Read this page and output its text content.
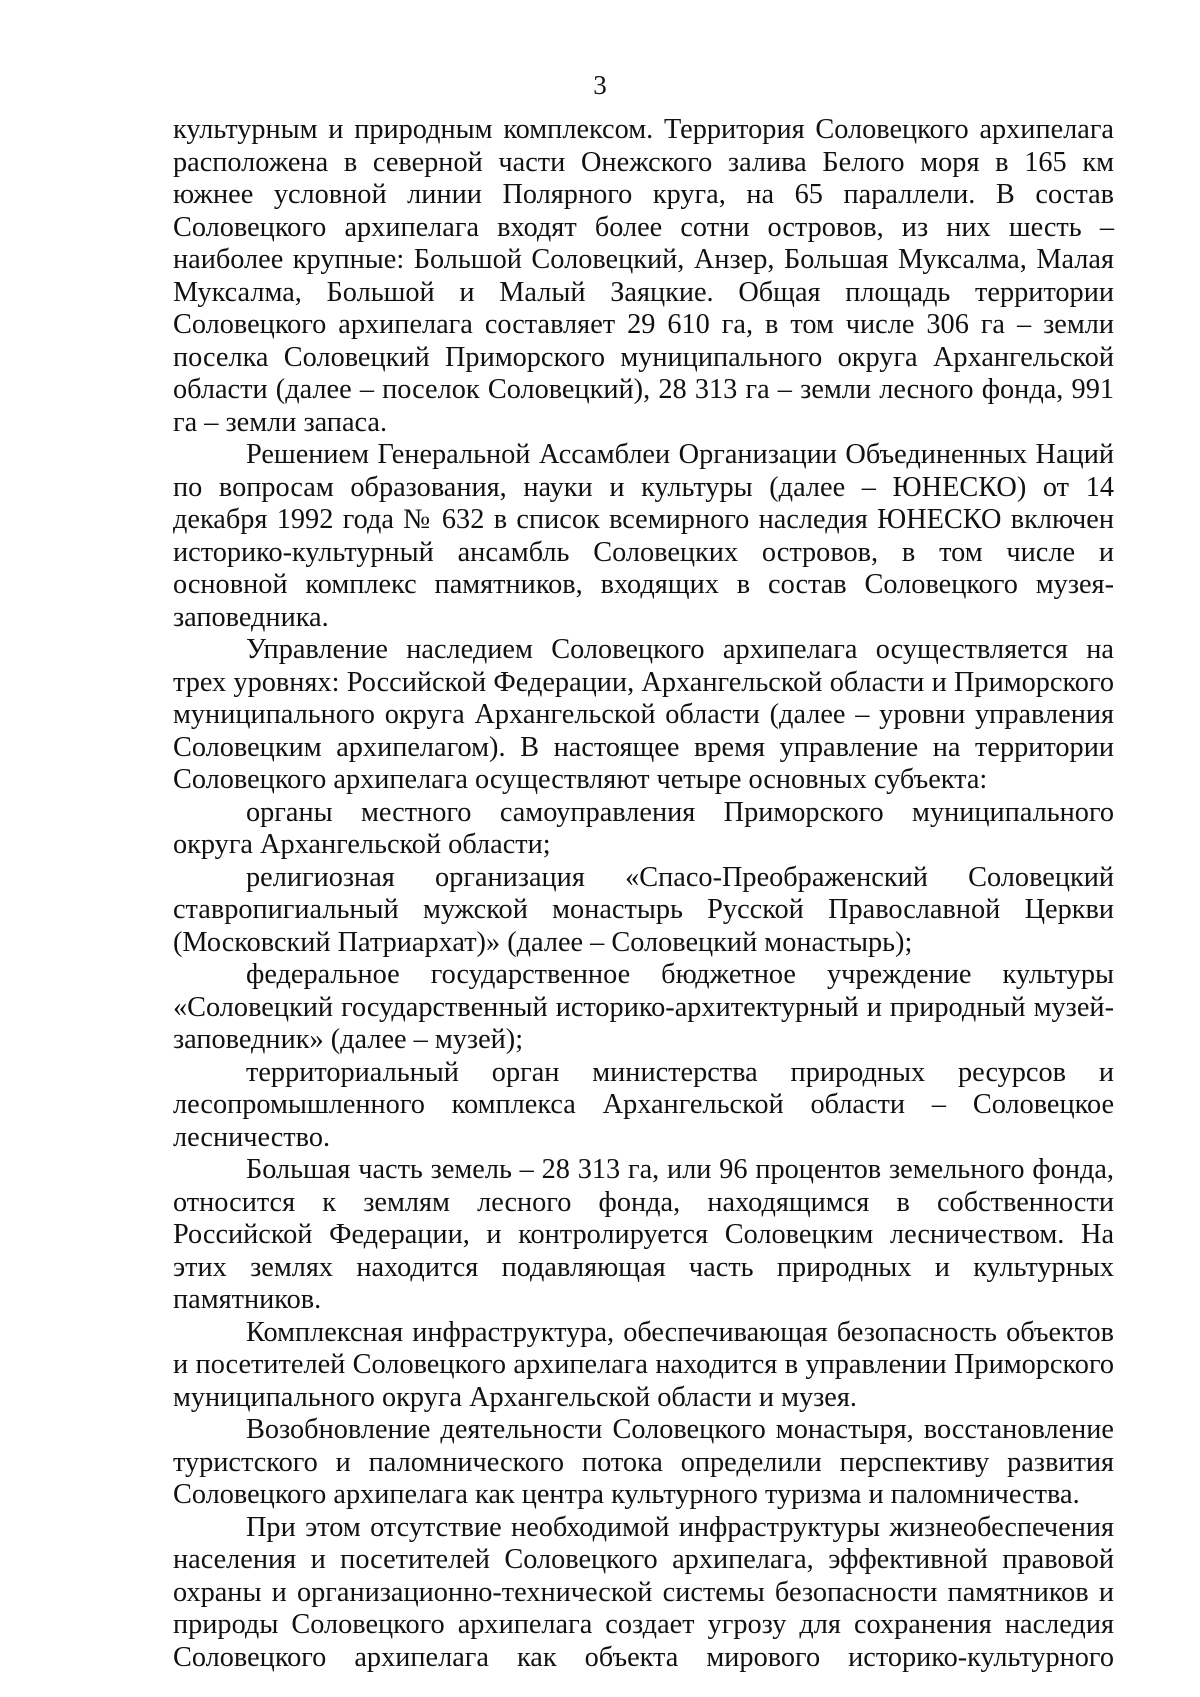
3

культурным и природным комплексом. Территория Соловецкого архипелага расположена в северной части Онежского залива Белого моря в 165 км южнее условной линии Полярного круга, на 65 параллели. В состав Соловецкого архипелага входят более сотни островов, из них шесть – наиболее крупные: Большой Соловецкий, Анзер, Большая Муксалма, Малая Муксалма, Большой и Малый Заяцкие. Общая площадь территории Соловецкого архипелага составляет 29 610 га, в том числе 306 га – земли поселка Соловецкий Приморского муниципального округа Архангельской области (далее – поселок Соловецкий), 28 313 га – земли лесного фонда, 991 га – земли запаса.

Решением Генеральной Ассамблеи Организации Объединенных Наций по вопросам образования, науки и культуры (далее – ЮНЕСКО) от 14 декабря 1992 года № 632 в список всемирного наследия ЮНЕСКО включен историко-культурный ансамбль Соловецких островов, в том числе и основной комплекс памятников, входящих в состав Соловецкого музея-заповедника.

Управление наследием Соловецкого архипелага осуществляется на трех уровнях: Российской Федерации, Архангельской области и Приморского муниципального округа Архангельской области (далее – уровни управления Соловецким архипелагом). В настоящее время управление на территории Соловецкого архипелага осуществляют четыре основных субъекта:

органы местного самоуправления Приморского муниципального округа Архангельской области;

религиозная организация «Спасо-Преображенский Соловецкий ставропигиальный мужской монастырь Русской Православной Церкви (Московский Патриархат)» (далее – Соловецкий монастырь);

федеральное государственное бюджетное учреждение культуры «Соловецкий государственный историко-архитектурный и природный музей-заповедник» (далее – музей);

территориальный орган министерства природных ресурсов и лесопромышленного комплекса Архангельской области – Соловецкое лесничество.

Большая часть земель – 28 313 га, или 96 процентов земельного фонда, относится к землям лесного фонда, находящимся в собственности Российской Федерации, и контролируется Соловецким лесничеством. На этих землях находится подавляющая часть природных и культурных памятников.

Комплексная инфраструктура, обеспечивающая безопасность объектов и посетителей Соловецкого архипелага находится в управлении Приморского муниципального округа Архангельской области и музея.

Возобновление деятельности Соловецкого монастыря, восстановление туристского и паломнического потока определили перспективу развития Соловецкого архипелага как центра культурного туризма и паломничества.

При этом отсутствие необходимой инфраструктуры жизнеобеспечения населения и посетителей Соловецкого архипелага, эффективной правовой охраны и организационно-технической системы безопасности памятников и природы Соловецкого архипелага создает угрозу для сохранения наследия Соловецкого архипелага как объекта мирового историко-культурного
